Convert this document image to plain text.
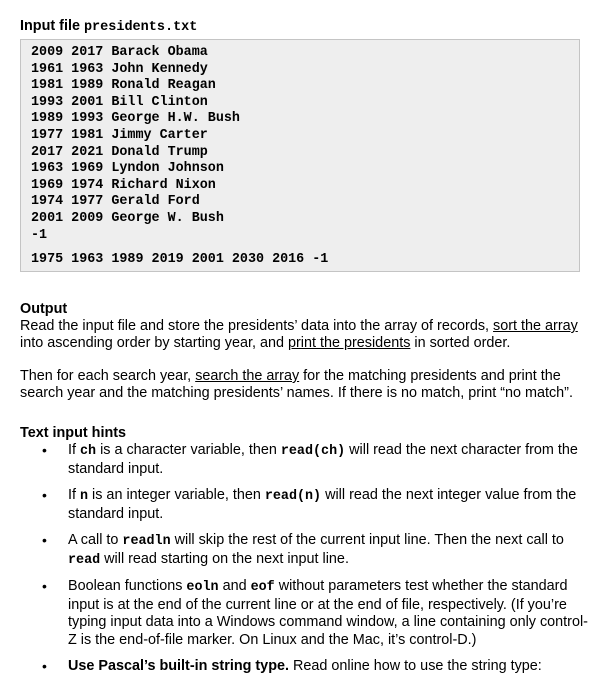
Input file presidents.txt
2009 2017 Barack Obama
1961 1963 John Kennedy
1981 1989 Ronald Reagan
1993 2001 Bill Clinton
1989 1993 George H.W. Bush
1977 1981 Jimmy Carter
2017 2021 Donald Trump
1963 1969 Lyndon Johnson
1969 1974 Richard Nixon
1974 1977 Gerald Ford
2001 2009 George W. Bush
-1
1975 1963 1989 2019 2001 2030 2016 -1
Output

Read the input file and store the presidents’ data into the array of records, sort the array into ascending order by starting year, and print the presidents in sorted order.

Then for each search year, search the array for the matching presidents and print the search year and the matching presidents’ names. If there is no match, print “no match”.

Text input hints
• If ch is a character variable, then read(ch) will read the next character from the standard input.
• If n is an integer variable, then read(n) will read the next integer value from the standard input.
• A call to readln will skip the rest of the current input line. Then the next call to read will read starting on the next input line.
• Boolean functions eoln and eof without parameters test whether the standard input is at the end of the current line or at the end of file, respectively. (If you’re typing input data into a Windows command window, a line containing only control-Z is the end-of-file marker. On Linux and the Mac, it’s control-D.)
• Use Pascal’s built-in string type. Read online how to use the string type:
